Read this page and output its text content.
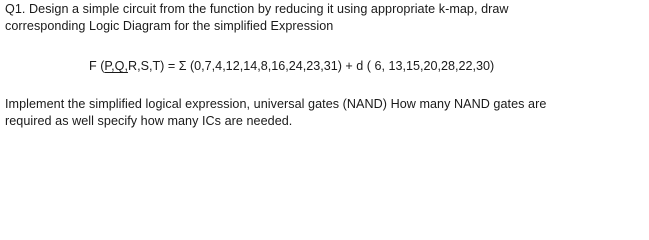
Q1. Design a simple circuit from the function by reducing it using appropriate k-map, draw
corresponding Logic Diagram for the simplified Expression
F (P,Q,R,S,T) = Σ (0,7,4,12,14,8,16,24,23,31) + d ( 6, 13,15,20,28,22,30)
Implement the simplified logical expression, universal gates (NAND) How many NAND gates are
required as well specify how many ICs are needed.
